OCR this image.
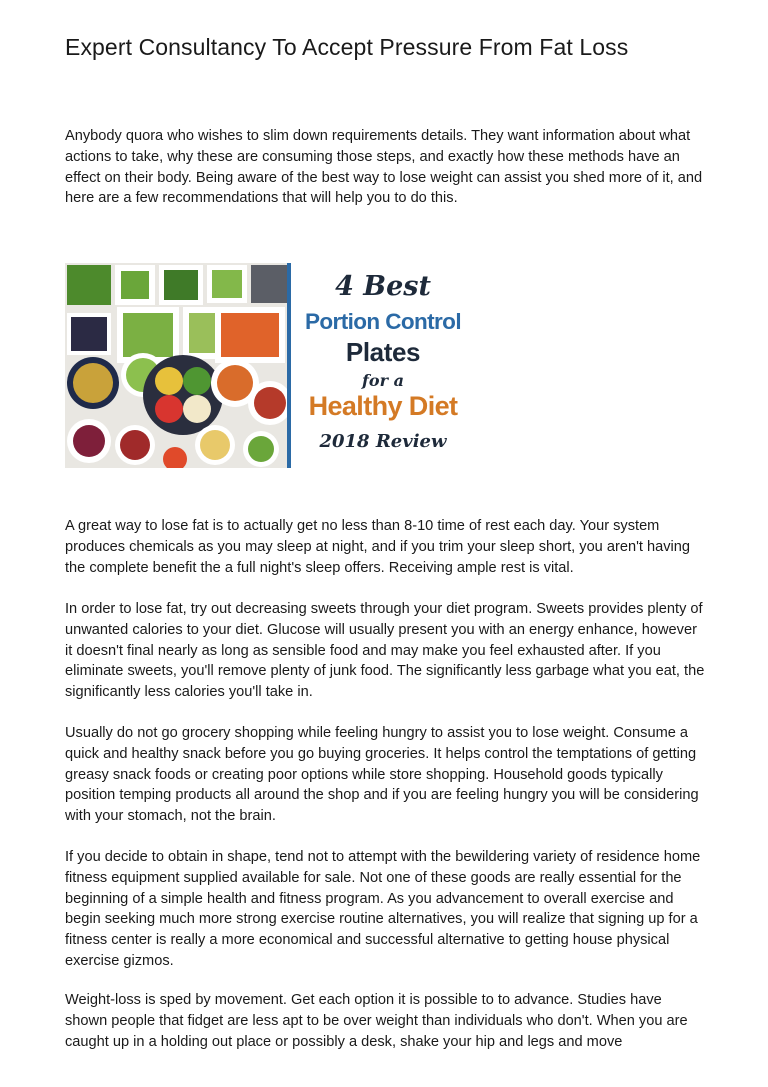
Expert Consultancy To Accept Pressure From Fat Loss

Anybody quora who wishes to slim down requirements details. They want information about what actions to take, why these are consuming those steps, and exactly how these methods have an effect on their body. Being aware of the best way to lose weight can assist you shed more of it, and here are a few recommendations that will help you to do this.

4 Best
Portion Control
Plates
for a
Healthy Diet
2018 Review

A great way to lose fat is to actually get no less than 8-10 time of rest each day. Your system produces chemicals as you may sleep at night, and if you trim your sleep short, you aren't having the complete benefit the a full night's sleep offers. Receiving ample rest is vital.

In order to lose fat, try out decreasing sweets through your diet program. Sweets provides plenty of unwanted calories to your diet. Glucose will usually present you with an energy enhance, however it doesn't final nearly as long as sensible food and may make you feel exhausted after. If you eliminate sweets, you'll remove plenty of junk food. The significantly less garbage what you eat, the significantly less calories you'll take in.

Usually do not go grocery shopping while feeling hungry to assist you to lose weight. Consume a quick and healthy snack before you go buying groceries. It helps control the temptations of getting greasy snack foods or creating poor options while store shopping. Household goods typically position temping products all around the shop and if you are feeling hungry you will be considering with your stomach, not the brain.

If you decide to obtain in shape, tend not to attempt with the bewildering variety of residence home fitness equipment supplied available for sale. Not one of these goods are really essential for the beginning of a simple health and fitness program. As you advancement to overall exercise and begin seeking much more strong exercise routine alternatives, you will realize that signing up for a fitness center is really a more economical and successful alternative to getting house physical exercise gizmos.

Weight-loss is sped by movement. Get each option it is possible to to advance. Studies have shown people that fidget are less apt to be over weight than individuals who don't. When you are caught up in a holding out place or possibly a desk, shake your hip and legs and move
